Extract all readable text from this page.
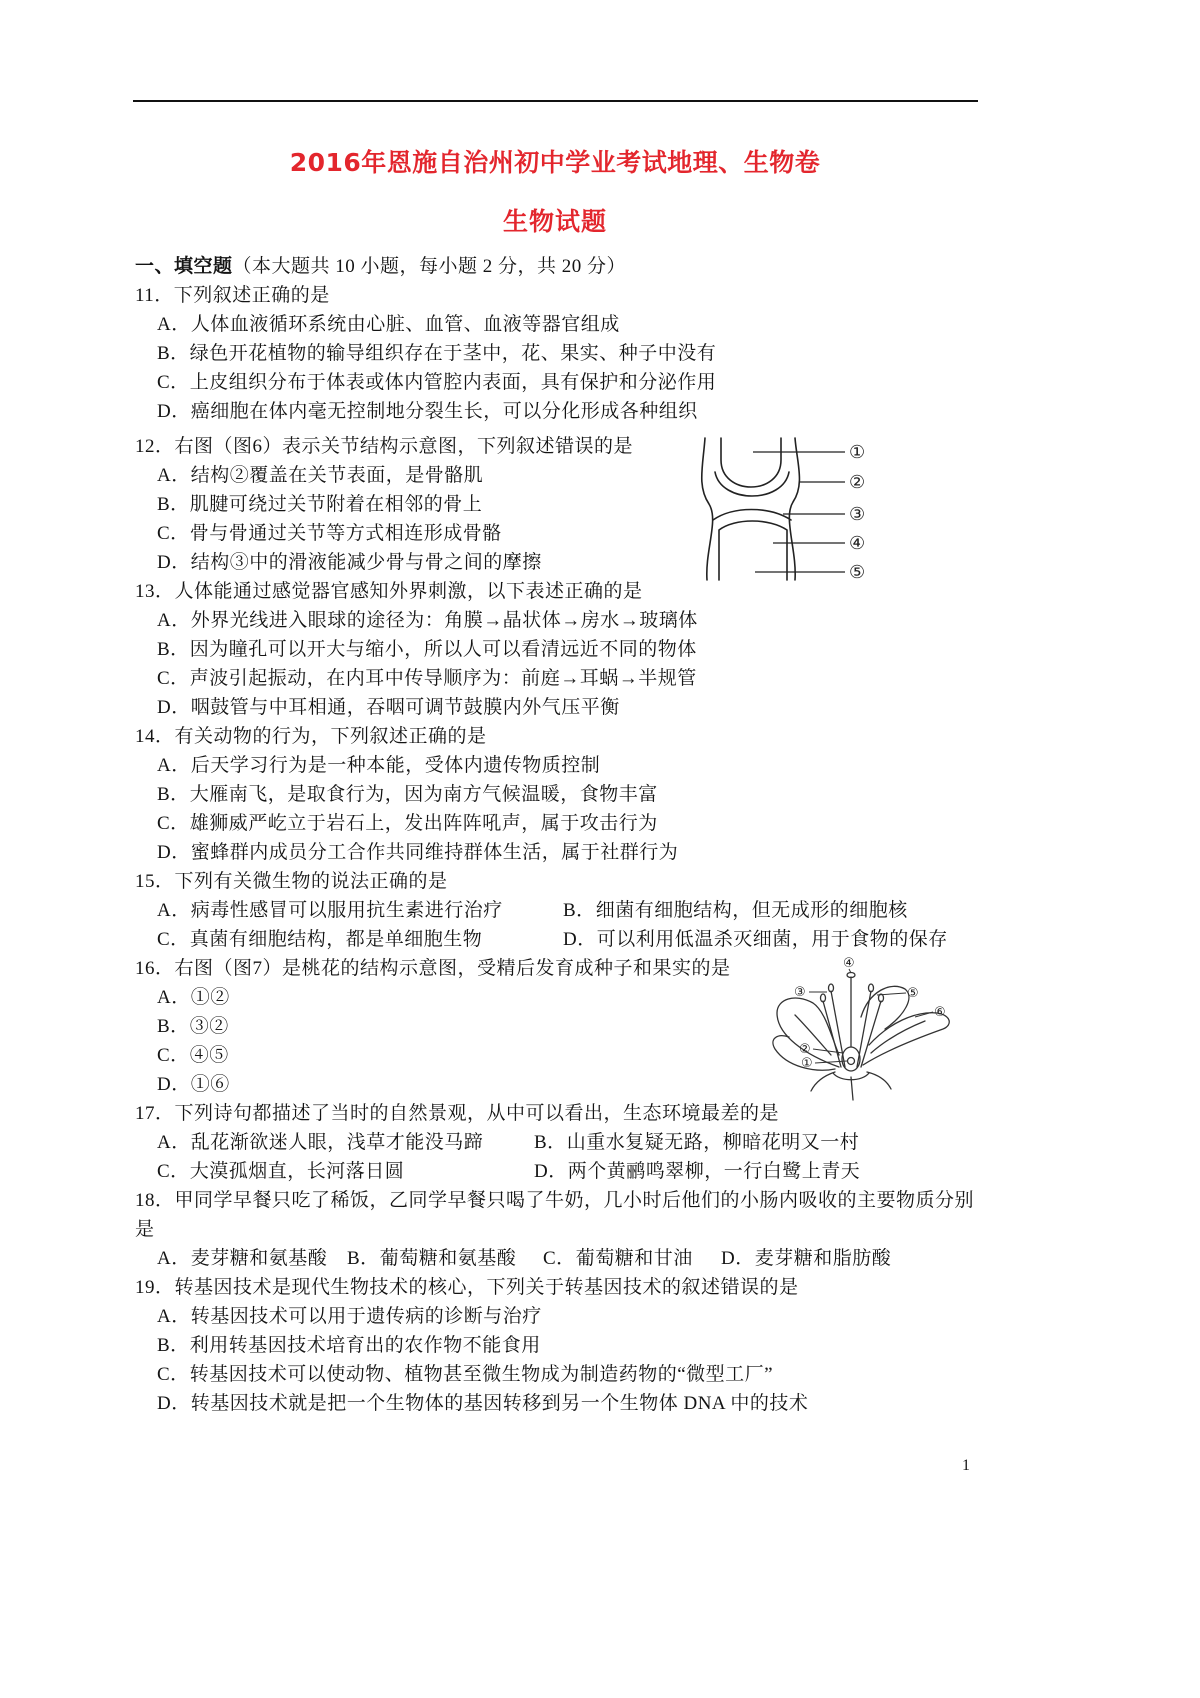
2016年恩施自治州初中学业考试地理、生物卷
生物试题
一、填空题（本大题共 10 小题，每小题 2 分，共 20 分）
11．下列叙述正确的是
A．人体血液循环系统由心脏、血管、血液等器官组成
B．绿色开花植物的输导组织存在于茎中，花、果实、种子中没有
C．上皮组织分布于体表或体内管腔内表面，具有保护和分泌作用
D．癌细胞在体内毫无控制地分裂生长，可以分化形成各种组织
12．右图（图6）表示关节结构示意图，下列叙述错误的是
A．结构②覆盖在关节表面，是骨骼肌
B．肌腱可绕过关节附着在相邻的骨上
C．骨与骨通过关节等方式相连形成骨骼
D．结构③中的滑液能减少骨与骨之间的摩擦
13．人体能通过感觉器官感知外界刺激，以下表述正确的是
A．外界光线进入眼球的途径为：角膜→晶状体→房水→玻璃体
B．因为瞳孔可以开大与缩小，所以人可以看清远近不同的物体
C．声波引起振动，在内耳中传导顺序为：前庭→耳蜗→半规管
D．咽鼓管与中耳相通，吞咽可调节鼓膜内外气压平衡
14．有关动物的行为，下列叙述正确的是
A．后天学习行为是一种本能，受体内遗传物质控制
B．大雁南飞，是取食行为，因为南方气候温暖，食物丰富
C．雄狮威严屹立于岩石上，发出阵阵吼声，属于攻击行为
D．蜜蜂群内成员分工合作共同维持群体生活，属于社群行为
15．下列有关微生物的说法正确的是
A．病毒性感冒可以服用抗生素进行治疗	B．细菌有细胞结构，但无成形的细胞核
C．真菌有细胞结构，都是单细胞生物	D．可以利用低温杀灭细菌，用于食物的保存
16．右图（图7）是桃花的结构示意图，受精后发育成种子和果实的是
A．①②
B．③②
C．④⑤
D．①⑥
17．下列诗句都描述了当时的自然景观，从中可以看出，生态环境最差的是
A．乱花渐欲迷人眼，浅草才能没马蹄	B．山重水复疑无路，柳暗花明又一村
C．大漠孤烟直，长河落日圆	D．两个黄鹂鸣翠柳，一行白鹭上青天
18．甲同学早餐只吃了稀饭，乙同学早餐只喝了牛奶，几小时后他们的小肠内吸收的主要物质分别
是
A．麦芽糖和氨基酸 B．葡萄糖和氨基酸 C．葡萄糖和甘油 D．麦芽糖和脂肪酸
19．转基因技术是现代生物技术的核心，下列关于转基因技术的叙述错误的是
A．转基因技术可以用于遗传病的诊断与治疗
B．利用转基因技术培育出的农作物不能食用
C．转基因技术可以使动物、植物甚至微生物成为制造药物的“微型工厂”
D．转基因技术就是把一个生物体的基因转移到另一个生物体 DNA 中的技术
①
②
③
④
⑤
④
③	⑤
⑥
②
①
1
